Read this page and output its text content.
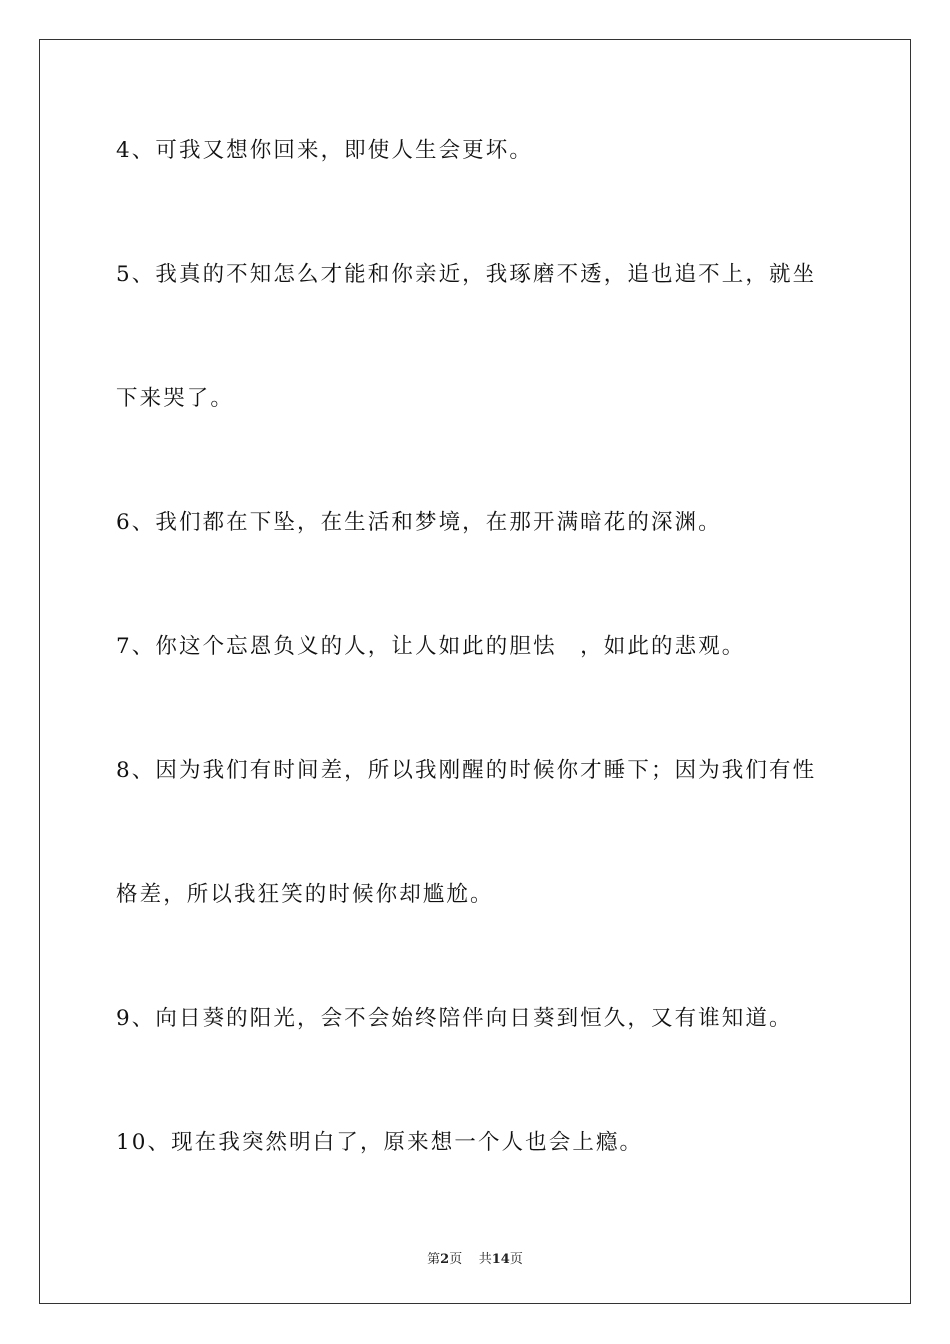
4、可我又想你回来，即使人生会更坏。
5、我真的不知怎么才能和你亲近，我琢磨不透，追也追不上，就坐
下来哭了。
6、我们都在下坠，在生活和梦境，在那开满暗花的深渊。
7、你这个忘恩负义的人，让人如此的胆怯　，如此的悲观。
8、因为我们有时间差，所以我刚醒的时候你才睡下；因为我们有性
格差，所以我狂笑的时候你却尴尬。
9、向日葵的阳光，会不会始终陪伴向日葵到恒久，又有谁知道。
10、现在我突然明白了，原来想一个人也会上瘾。
第2页 共14页
